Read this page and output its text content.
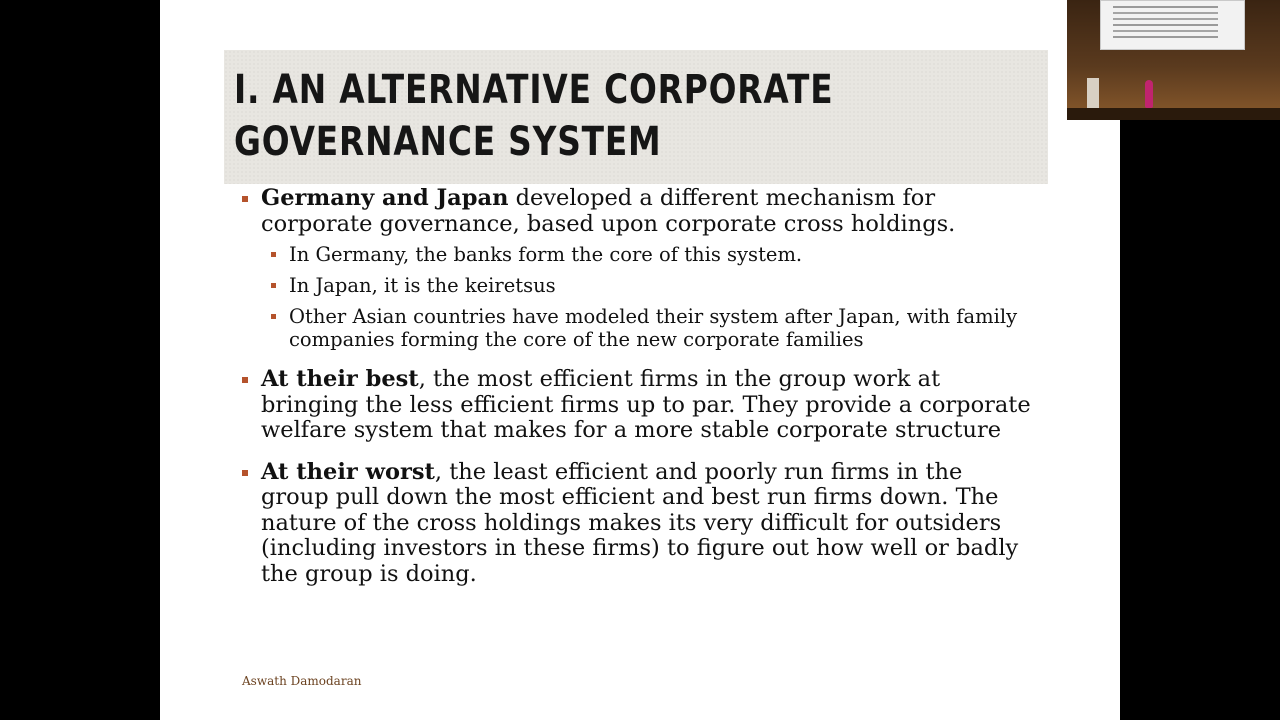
I. AN ALTERNATIVE CORPORATE GOVERNANCE SYSTEM
Germany and Japan developed a different mechanism for corporate governance, based upon corporate cross holdings.
In Germany, the banks form the core of this system.
In Japan, it is the keiretsus
Other Asian countries have modeled their system after Japan, with family companies forming the core of the new corporate families
At their best, the most efficient firms in the group work at bringing the less efficient firms up to par. They provide a corporate welfare system that makes for a more stable corporate structure
At their worst, the least efficient and poorly run firms in the group pull down the most efficient and best run firms down. The nature of the cross holdings makes its very difficult for outsiders (including investors in these firms) to figure out how well or badly the group is doing.
Aswath Damodaran
